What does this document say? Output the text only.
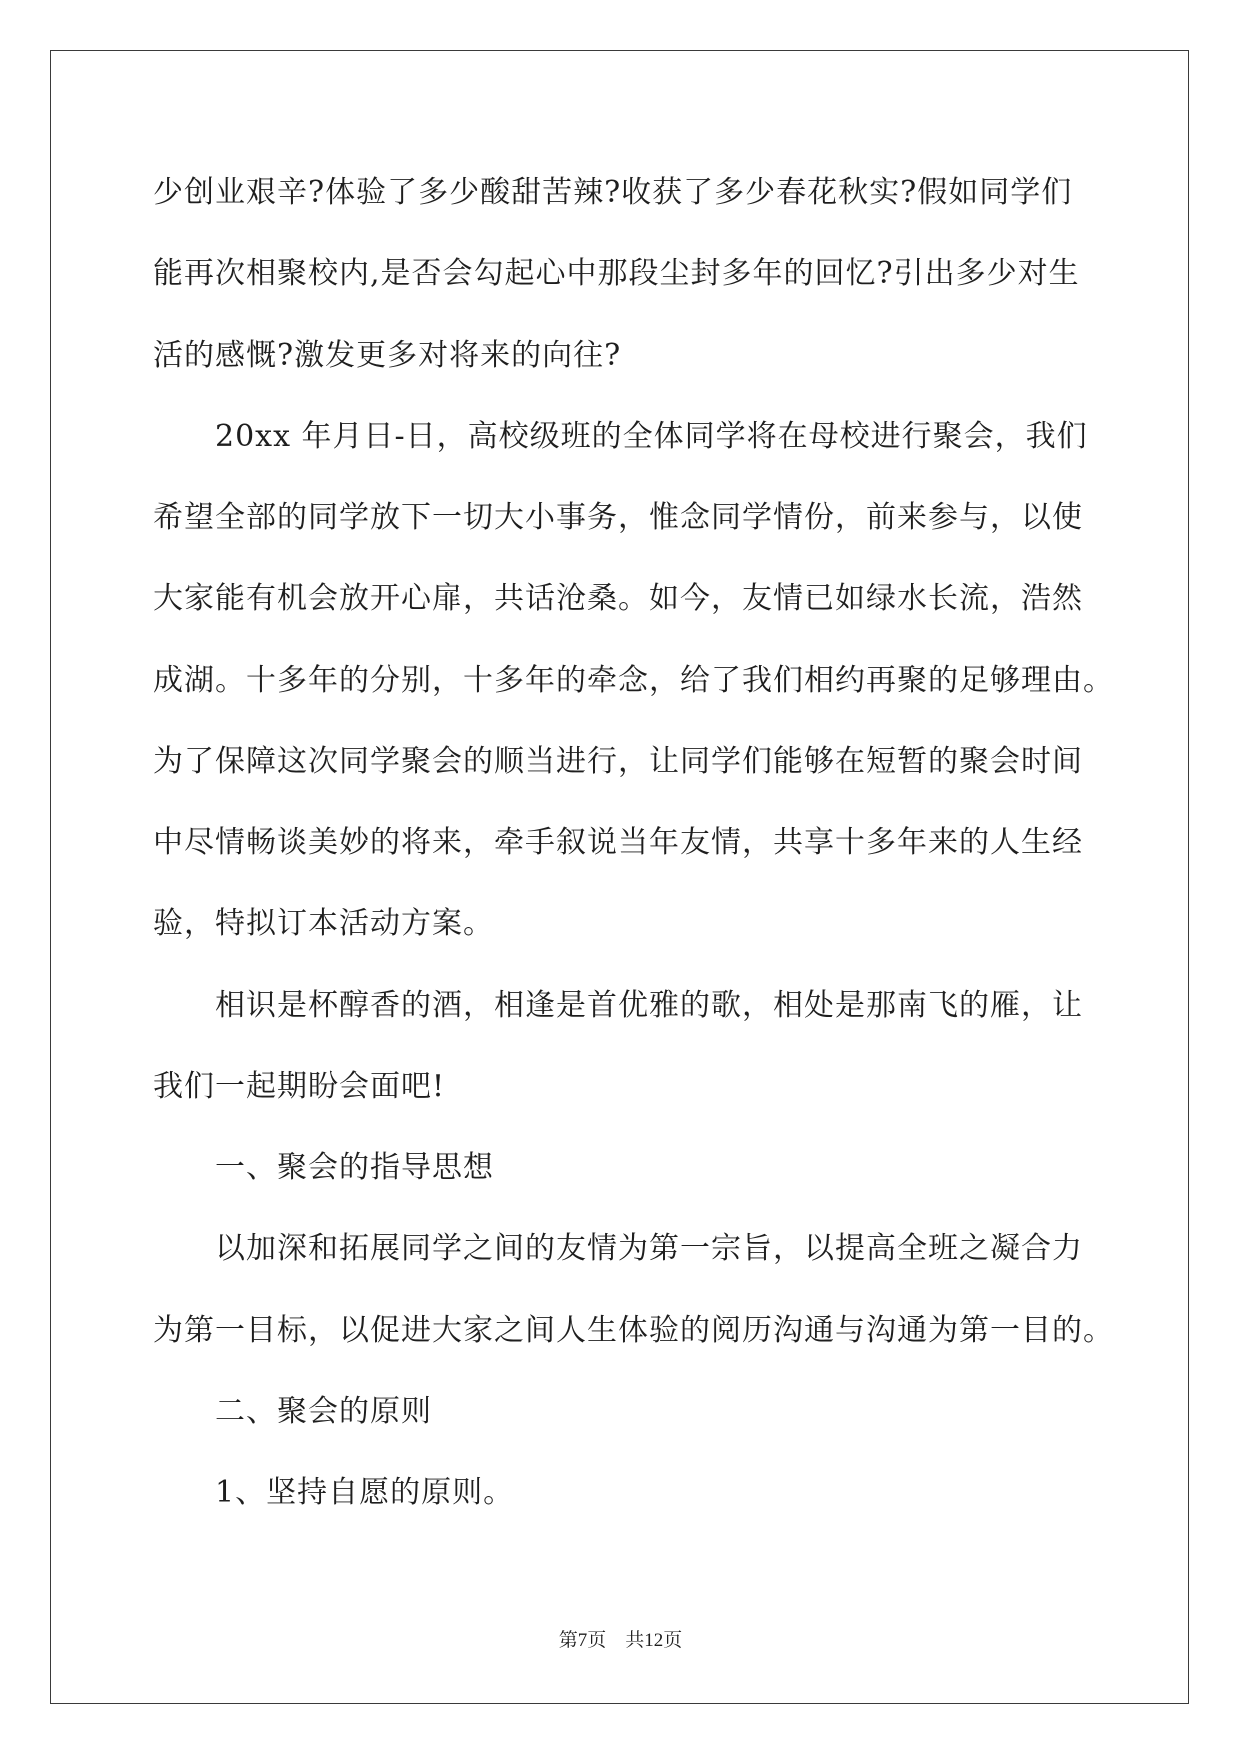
少创业艰辛?体验了多少酸甜苦辣?收获了多少春花秋实?假如同学们
能再次相聚校内,是否会勾起心中那段尘封多年的回忆?引出多少对生
活的感慨?激发更多对将来的向往?
20xx 年月日-日，高校级班的全体同学将在母校进行聚会，我们
希望全部的同学放下一切大小事务，惟念同学情份，前来参与，以使
大家能有机会放开心扉，共话沧桑。如今，友情已如绿水长流，浩然
成湖。十多年的分别，十多年的牵念，给了我们相约再聚的足够理由。
为了保障这次同学聚会的顺当进行，让同学们能够在短暂的聚会时间
中尽情畅谈美妙的将来，牵手叙说当年友情，共享十多年来的人生经
验，特拟订本活动方案。
相识是杯醇香的酒，相逢是首优雅的歌，相处是那南飞的雁，让
我们一起期盼会面吧!
一、聚会的指导思想
以加深和拓展同学之间的友情为第一宗旨，以提高全班之凝合力
为第一目标，以促进大家之间人生体验的阅历沟通与沟通为第一目的。
二、聚会的原则
1、坚持自愿的原则。
第7页　共12页
